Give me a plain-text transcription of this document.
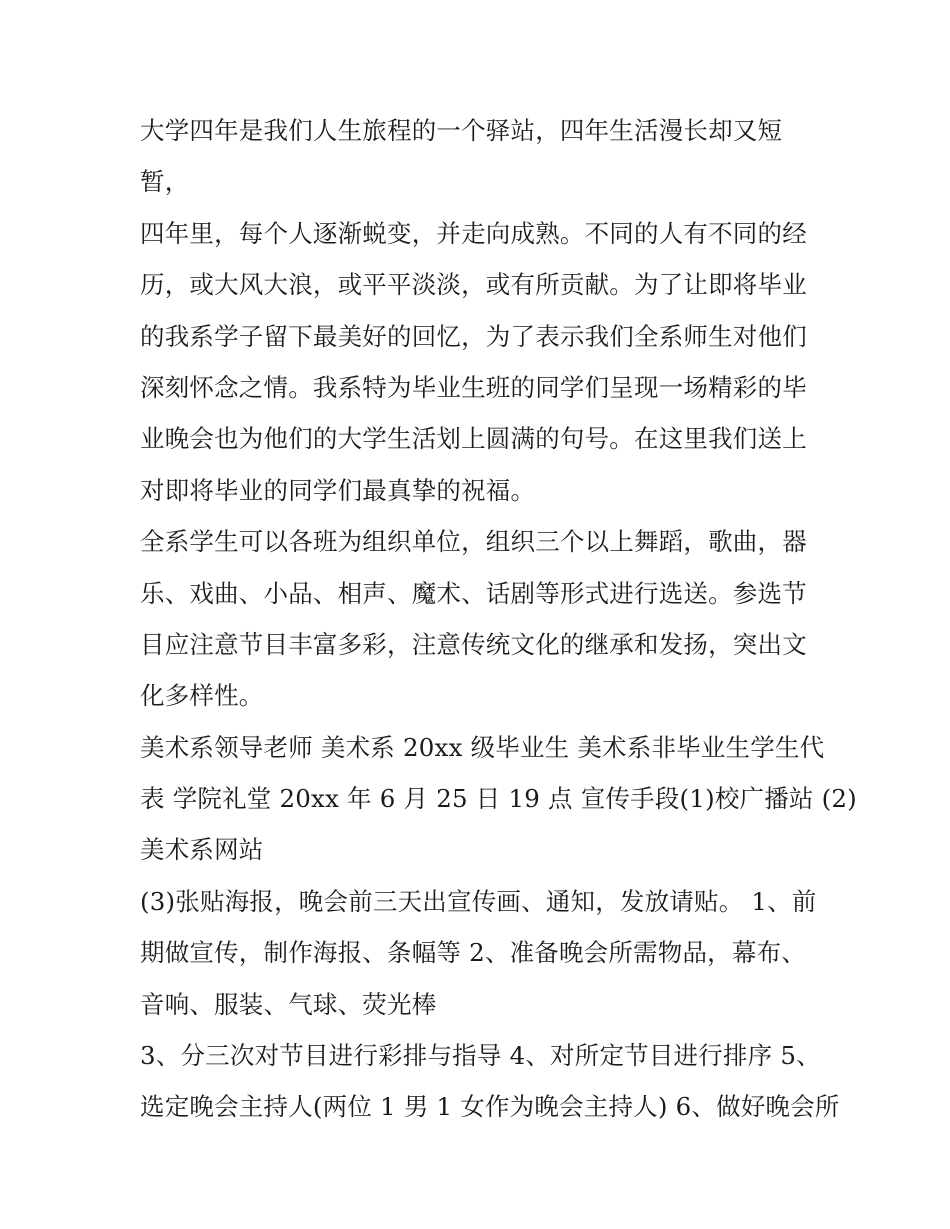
大学四年是我们人生旅程的一个驿站，四年生活漫长却又短
暂，
四年里，每个人逐渐蜕变，并走向成熟。不同的人有不同的经
历，或大风大浪，或平平淡淡，或有所贡献。为了让即将毕业
的我系学子留下最美好的回忆，为了表示我们全系师生对他们
深刻怀念之情。我系特为毕业生班的同学们呈现一场精彩的毕
业晚会也为他们的大学生活划上圆满的句号。在这里我们送上
对即将毕业的同学们最真挚的祝福。
全系学生可以各班为组织单位，组织三个以上舞蹈，歌曲，器
乐、戏曲、小品、相声、魔术、话剧等形式进行选送。参选节
目应注意节目丰富多彩，注意传统文化的继承和发扬，突出文
化多样性。
美术系领导老师 美术系 20xx 级毕业生 美术系非毕业生学生代
表 学院礼堂 20xx 年 6 月 25 日 19 点 宣传手段(1)校广播站 (2)
美术系网站
(3)张贴海报，晚会前三天出宣传画、通知，发放请贴。 1、前
期做宣传，制作海报、条幅等 2、准备晚会所需物品，幕布、
音响、服装、气球、荧光棒
3、分三次对节目进行彩排与指导 4、对所定节目进行排序 5、
选定晚会主持人(两位 1 男 1 女作为晚会主持人) 6、做好晚会所
